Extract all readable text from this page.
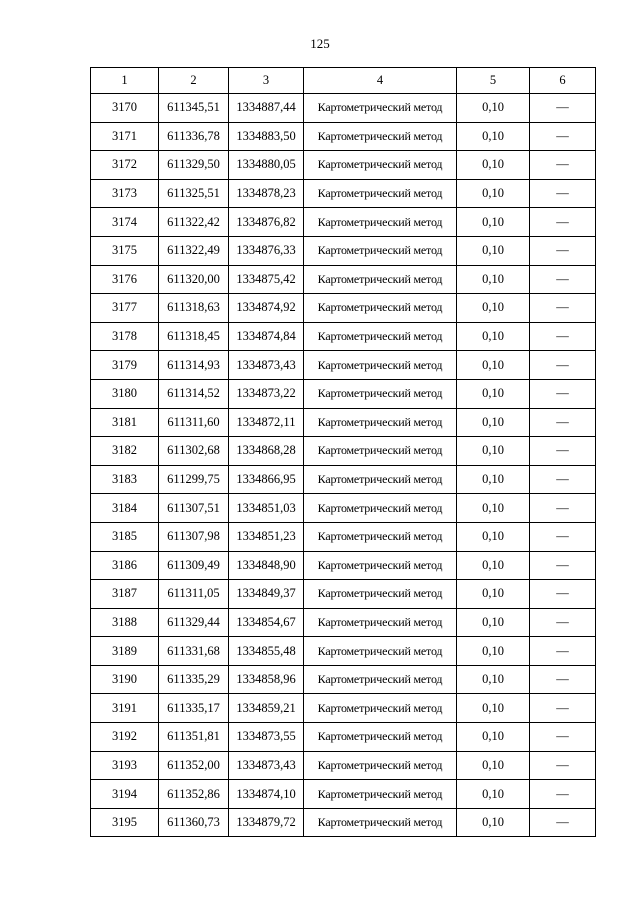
125
1	2	3	4	5	6
3170	611345,51	1334887,44	Картометрический метод	0,10	—
3171	611336,78	1334883,50	Картометрический метод	0,10	—
3172	611329,50	1334880,05	Картометрический метод	0,10	—
3173	611325,51	1334878,23	Картометрический метод	0,10	—
3174	611322,42	1334876,82	Картометрический метод	0,10	—
3175	611322,49	1334876,33	Картометрический метод	0,10	—
3176	611320,00	1334875,42	Картометрический метод	0,10	—
3177	611318,63	1334874,92	Картометрический метод	0,10	—
3178	611318,45	1334874,84	Картометрический метод	0,10	—
3179	611314,93	1334873,43	Картометрический метод	0,10	—
3180	611314,52	1334873,22	Картометрический метод	0,10	—
3181	611311,60	1334872,11	Картометрический метод	0,10	—
3182	611302,68	1334868,28	Картометрический метод	0,10	—
3183	611299,75	1334866,95	Картометрический метод	0,10	—
3184	611307,51	1334851,03	Картометрический метод	0,10	—
3185	611307,98	1334851,23	Картометрический метод	0,10	—
3186	611309,49	1334848,90	Картометрический метод	0,10	—
3187	611311,05	1334849,37	Картометрический метод	0,10	—
3188	611329,44	1334854,67	Картометрический метод	0,10	—
3189	611331,68	1334855,48	Картометрический метод	0,10	—
3190	611335,29	1334858,96	Картометрический метод	0,10	—
3191	611335,17	1334859,21	Картометрический метод	0,10	—
3192	611351,81	1334873,55	Картометрический метод	0,10	—
3193	611352,00	1334873,43	Картометрический метод	0,10	—
3194	611352,86	1334874,10	Картометрический метод	0,10	—
3195	611360,73	1334879,72	Картометрический метод	0,10	—
